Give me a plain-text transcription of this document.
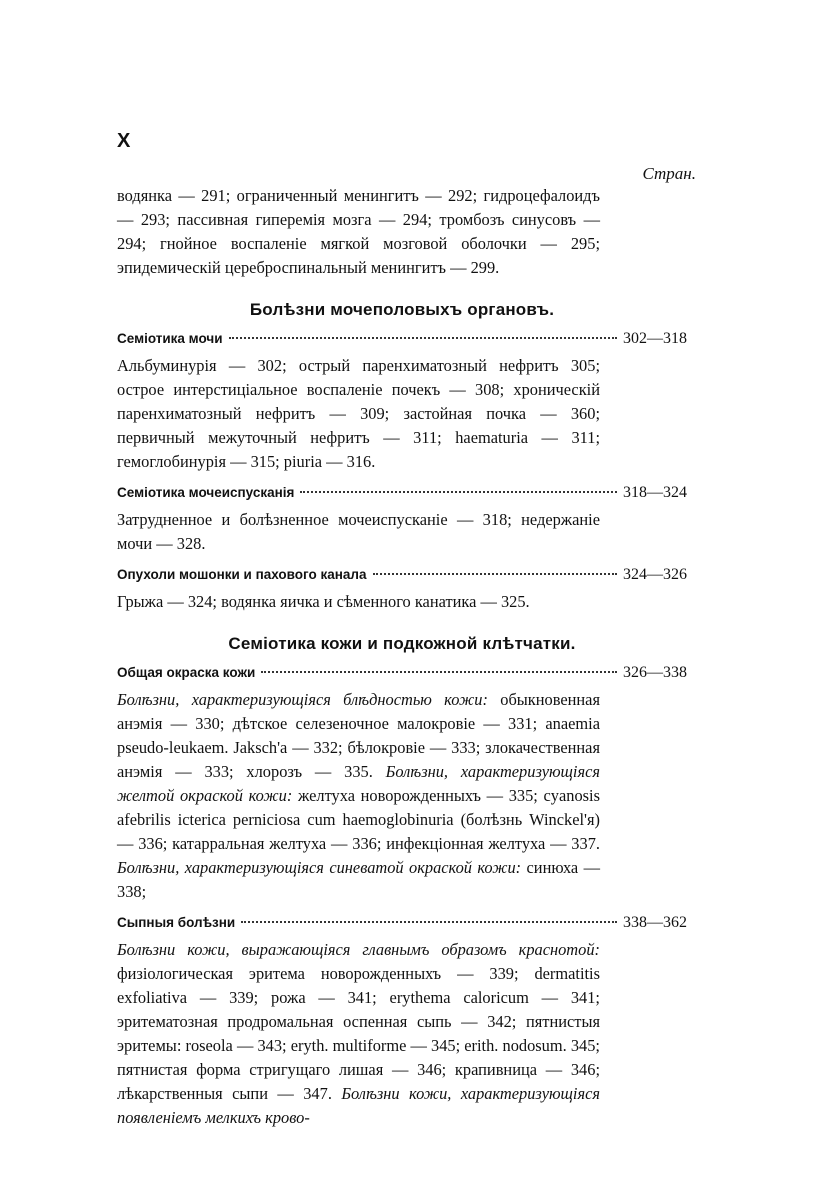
X
Стран.

водянка — 291; ограниченный менингитъ — 292; гидроцефалоидъ — 293; пассивная гиперемія мозга — 294; тромбозъ синусовъ — 294; гнойное воспаленіе мягкой мозговой оболочки — 295; эпидемическій цереброспинальный менингитъ — 299.

Болѣзни мочеполовыхъ органовъ.
Семіотика мочи	302—318

Альбуминурія — 302; острый паренхиматозный нефритъ 305; острое интерстиціальное воспаленіе почекъ — 308; хроническій паренхиматозный нефритъ — 309; застойная почка — 360; первичный межуточный нефритъ — 311; haematuria — 311; гемоглобинурія — 315; piuria — 316.

Семіотика мочеиспусканія	318—324

Затрудненное и болѣзненное мочеиспусканіе — 318; недержаніе мочи — 328.

Опухоли мошонки и пахового канала	324—326

Грыжа — 324; водянка яичка и сѣменного канатика — 325.

Семіотика кожи и подкожной клѣтчатки.
Общая окраска кожи	326—338

Болѣзни, характеризующіяся блѣдностью кожи: обыкновенная анэмія — 330; дѣтское селезеночное малокровіе — 331; anaemia pseudo-leukaem. Jaksch'a — 332; бѣлокровіе — 333; злокачественная анэмія — 333; хлорозъ — 335. Болѣзни, характеризующіяся желтой окраской кожи: желтуха новорожденныхъ — 335; cyanosis afebrilis icterica perniciosa cum haemoglobinuria (болѣзнь Winckel'я) — 336; катарральная желтуха — 336; инфекціонная желтуха — 337. Болѣзни, характеризующіяся синеватой окраской кожи: синюха — 338;

Сыпныя болѣзни	338—362

Болѣзни кожи, выражающіяся главнымъ образомъ краснотой: физіологическая эритема новорожденныхъ — 339; dermatitis exfoliativa — 339; рожа — 341; erythema caloricum — 341; эритематозная продромальная оспенная сыпь — 342; пятнистыя эритемы: roseola — 343; eryth. multiforme — 345; erith. nodosum. 345; пятнистая форма стригущаго лишая — 346; крапивница — 346; лѣкарственныя сыпи — 347. Болѣзни кожи, характеризующіяся появленіемъ мелкихъ крово-
